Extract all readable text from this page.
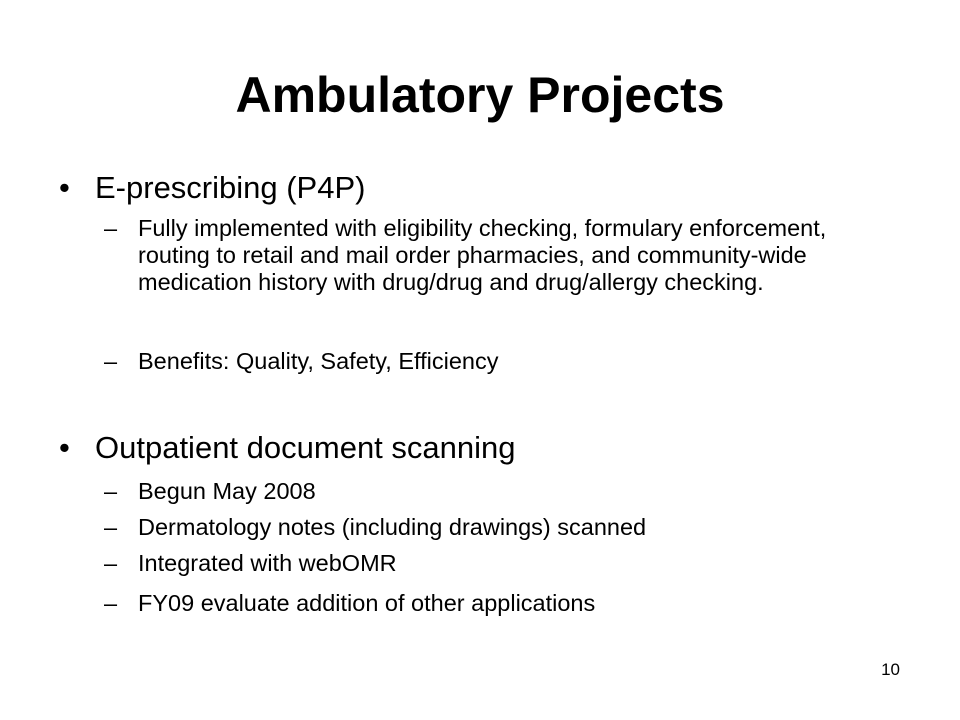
Ambulatory Projects
• E-prescribing (P4P)
– Fully implemented with eligibility checking, formulary enforcement, routing to retail and mail order pharmacies, and community-wide medication history with drug/drug and drug/allergy checking.
– Benefits: Quality, Safety, Efficiency
• Outpatient document scanning
– Begun May 2008
– Dermatology notes (including drawings) scanned
– Integrated with webOMR
– FY09 evaluate addition of other applications
10
